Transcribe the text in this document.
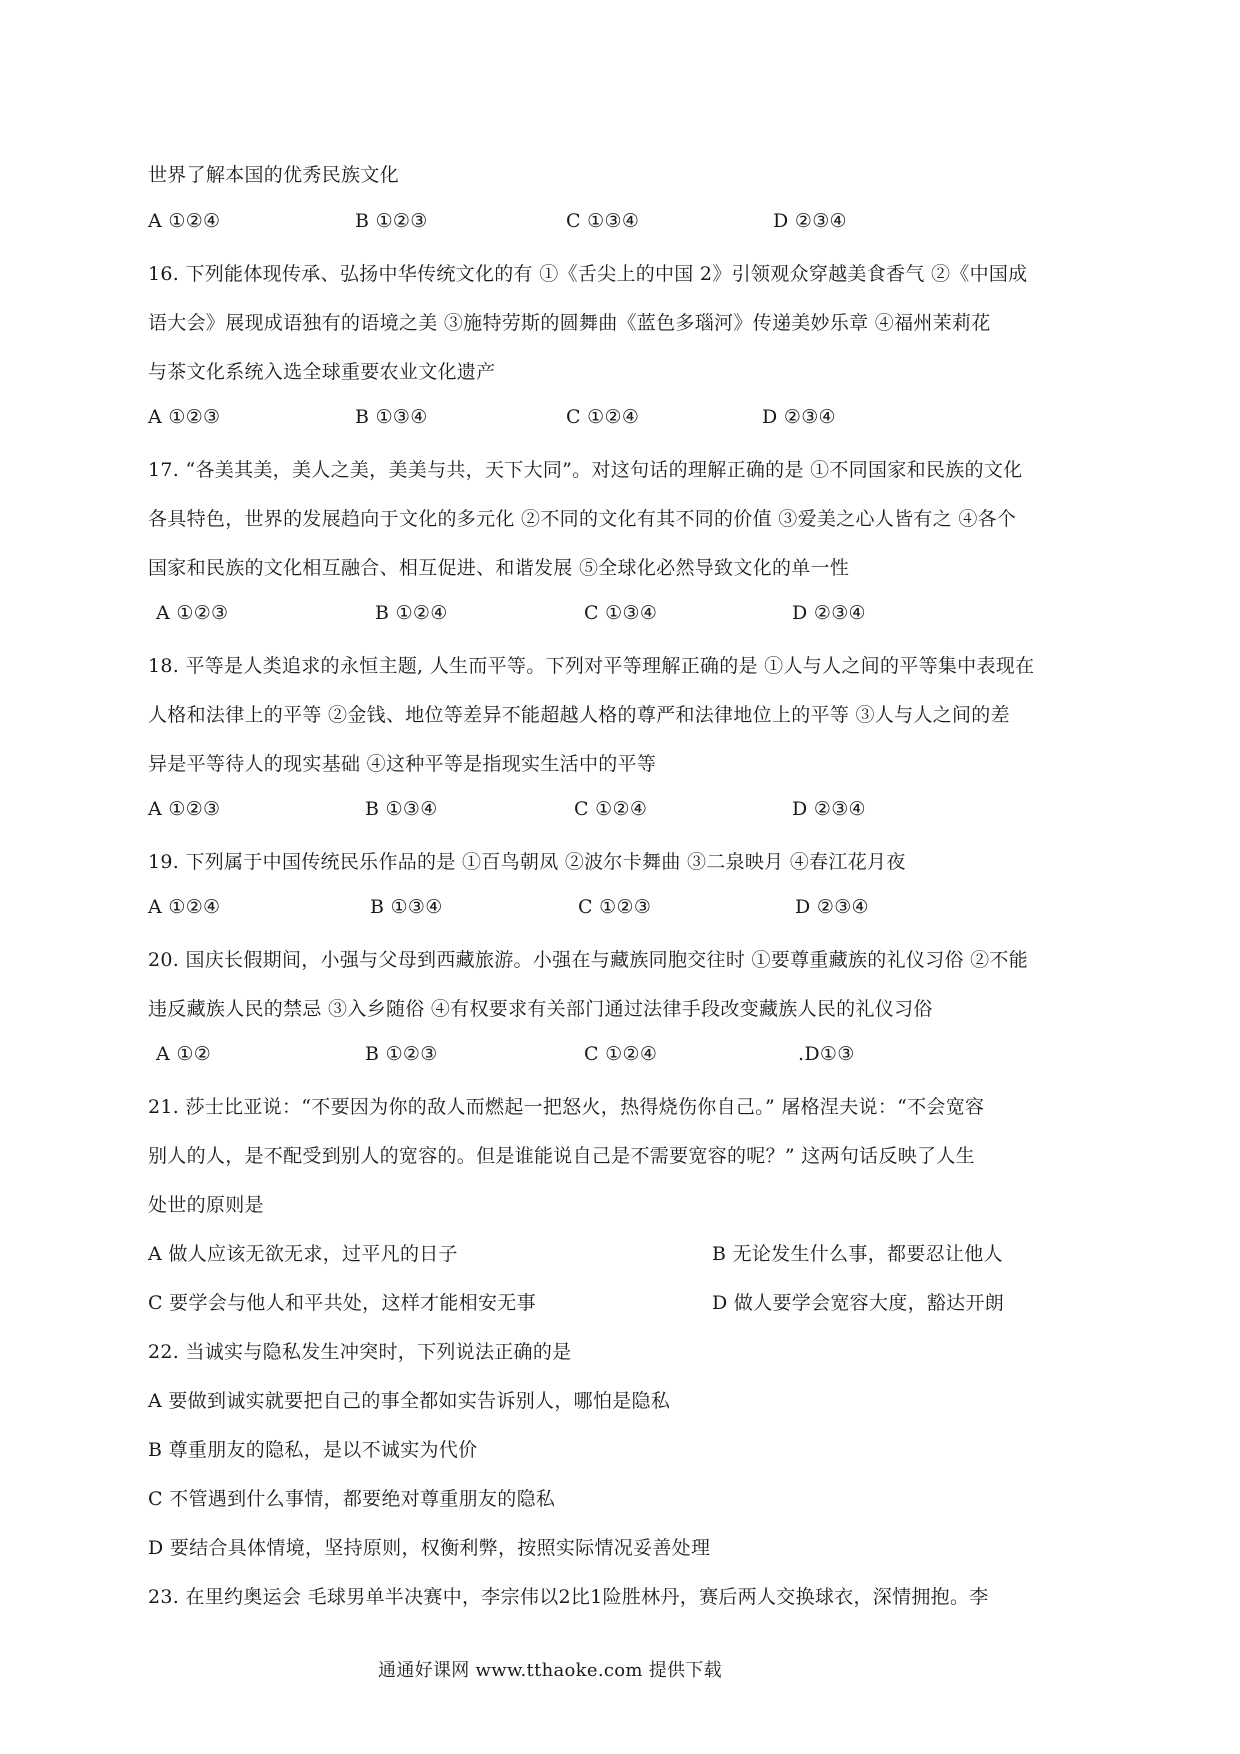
世界了解本国的优秀民族文化
A ①②④	B ①②③	C ①③④	D ②③④
16. 下列能体现传承、弘扬中华传统文化的有 ①《舌尖上的中国 2》引领观众穿越美食香气 ②《中国成
语大会》展现成语独有的语境之美 ③施特劳斯的圆舞曲《蓝色多瑙河》传递美妙乐章 ④福州茉莉花
与茶文化系统入选全球重要农业文化遗产
A ①②③	B ①③④	C ①②④	D ②③④
17. “各美其美，美人之美，美美与共，天下大同”。对这句话的理解正确的是 ①不同国家和民族的文化
各具特色，世界的发展趋向于文化的多元化 ②不同的文化有其不同的价值 ③爱美之心人皆有之 ④各个
国家和民族的文化相互融合、相互促进、和谐发展 ⑤全球化必然导致文化的单一性
A ①②③	B ①②④	C ①③④	D ②③④
18. 平等是人类追求的永恒主题, 人生而平等。下列对平等理解正确的是 ①人与人之间的平等集中表现在
人格和法律上的平等 ②金钱、地位等差异不能超越人格的尊严和法律地位上的平等 ③人与人之间的差
异是平等待人的现实基础 ④这种平等是指现实生活中的平等
A ①②③	B ①③④	C ①②④	D ②③④
19. 下列属于中国传统民乐作品的是 ①百鸟朝凤 ②波尔卡舞曲 ③二泉映月 ④春江花月夜
A ①②④	B ①③④	C ①②③	D ②③④
20. 国庆长假期间，小强与父母到西藏旅游。小强在与藏族同胞交往时 ①要尊重藏族的礼仪习俗 ②不能
违反藏族人民的禁忌 ③入乡随俗 ④有权要求有关部门通过法律手段改变藏族人民的礼仪习俗
A ①②	B ①②③	C ①②④	.D①③
21. 莎士比亚说：“不要因为你的敌人而燃起一把怒火，热得烧伤你自己。” 屠格涅夫说：“不会宽容
别人的人，是不配受到别人的宽容的。但是谁能说自己是不需要宽容的呢？” 这两句话反映了人生
处世的原则是
A 做人应该无欲无求，过平凡的日子	B 无论发生什么事，都要忍让他人
C 要学会与他人和平共处，这样才能相安无事	D 做人要学会宽容大度，豁达开朗
22. 当诚实与隐私发生冲突时，下列说法正确的是
A 要做到诚实就要把自己的事全都如实告诉别人，哪怕是隐私
B 尊重朋友的隐私，是以不诚实为代价
C 不管遇到什么事情，都要绝对尊重朋友的隐私
D 要结合具体情境，坚持原则，权衡利弊，按照实际情况妥善处理
23. 在里约奥运会 毛球男单半决赛中，李宗伟以2比1险胜林丹，赛后两人交换球衣，深情拥抱。李
通通好课网 www.tthaoke.com 提供下载
